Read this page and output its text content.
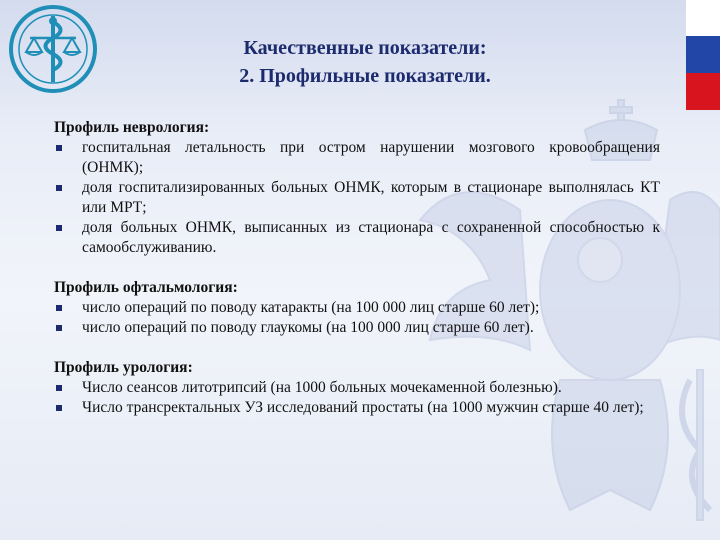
Качественные показатели:
2. Профильные показатели.
Профиль неврология:
госпитальная летальность при остром нарушении мозгового кровообращения (ОНМК);
доля госпитализированных больных ОНМК, которым в стационаре выполнялась КТ или МРТ;
доля больных ОНМК, выписанных из стационара с сохраненной способностью к самообслуживанию.
Профиль офтальмология:
число операций по поводу катаракты (на 100 000 лиц старше 60 лет);
число операций по поводу глаукомы (на 100 000 лиц старше 60 лет).
Профиль урология:
Число сеансов литотрипсий (на 1000 больных мочекаменной болезнью).
Число трансректальных УЗ исследований простаты (на 1000 мужчин старше 40 лет);
